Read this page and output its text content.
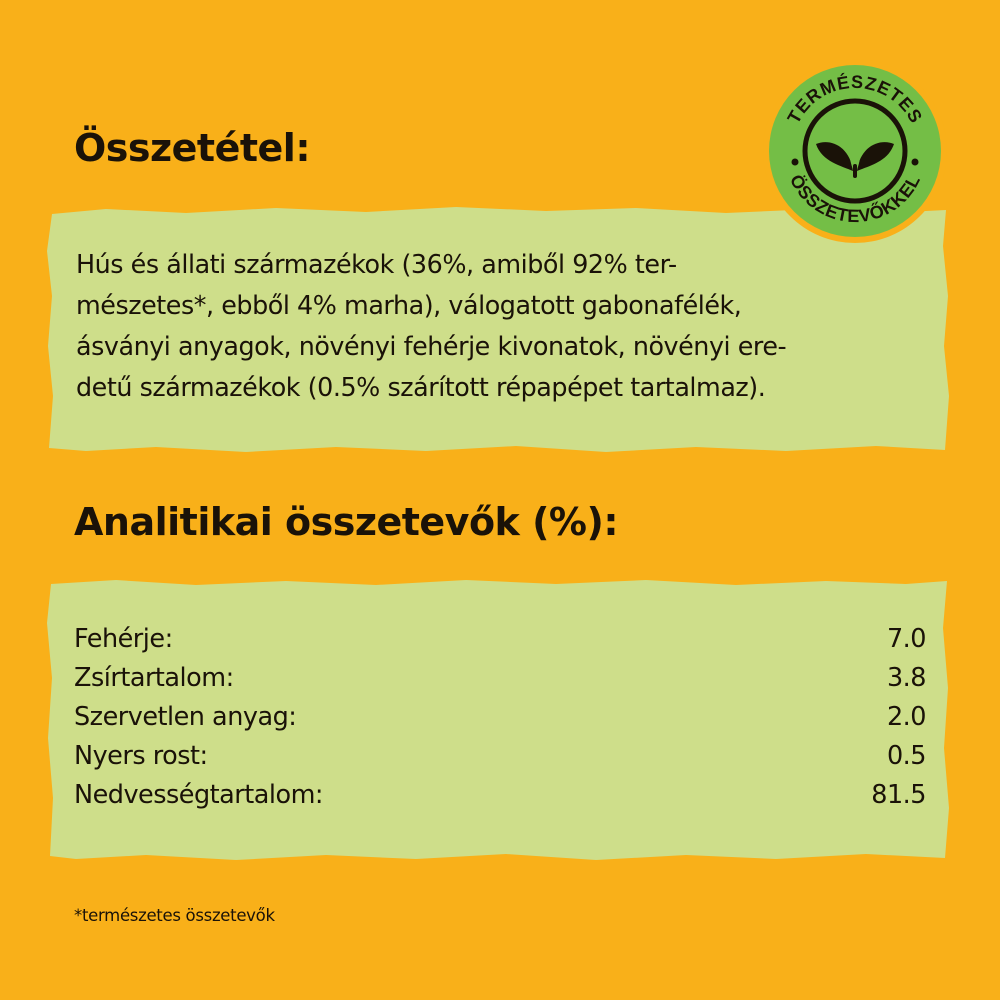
Összetétel:

Hús és állati származékok (36%, amiből 92% ter-
mészetes*, ebből 4% marha), válogatott gabonafélék,
ásványi anyagok, növényi fehérje kivonatok, növényi ere-
detű származékok (0.5% szárított répapépet tartalmaz).

Analitikai összetevők (%):
Fehérje:	7.0
Zsírtartalom:	3.8
Szervetlen anyag:	2.0
Nyers rost:	0.5
Nedvességtartalom:	81.5

*természetes összetevők

TERMÉSZETES
ÖSSZETEVŐKKEL
